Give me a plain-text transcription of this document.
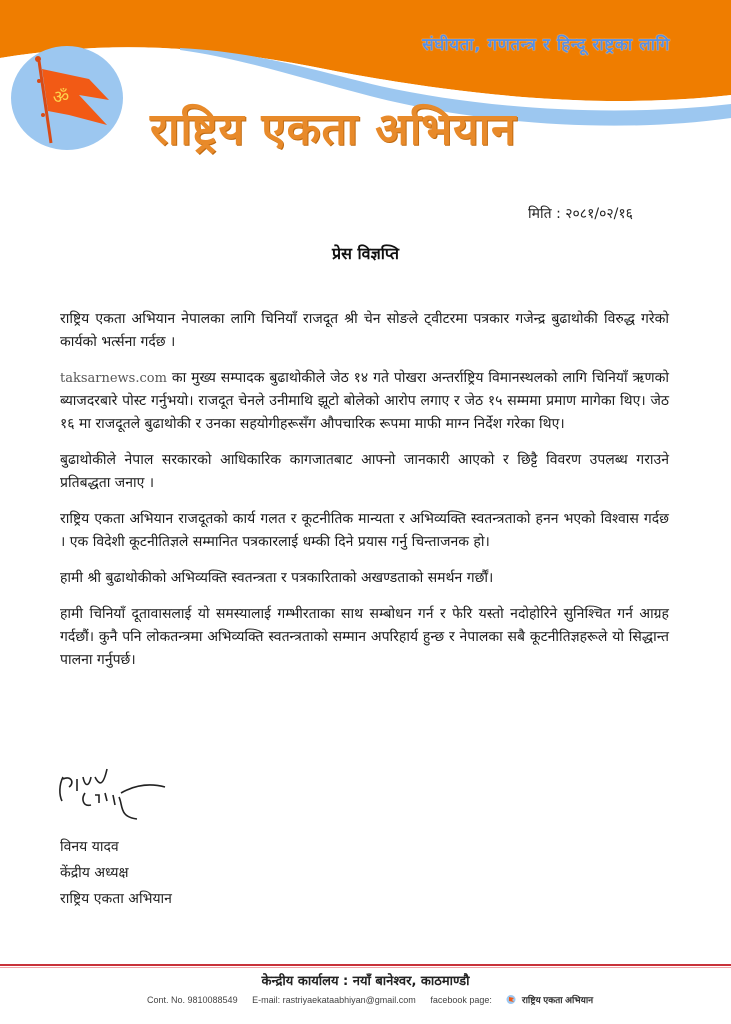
संघीयता, गणतन्त्र र हिन्दू राष्ट्रका लागि
ॐ
राष्ट्रिय एकता अभियान
मिति : २०८१/०२/१६
प्रेस विज्ञप्ति

राष्ट्रिय एकता अभियान नेपालका लागि चिनियाँ राजदूत श्री चेन सोङले ट्वीटरमा पत्रकार गजेन्द्र बुढाथोकी विरुद्ध गरेको कार्यको भर्त्सना गर्दछ ।

taksarnews.com का मुख्य सम्पादक बुढाथोकीले जेठ १४ गते पोखरा अन्तर्राष्ट्रिय विमानस्थलको लागि चिनियाँ ऋणको ब्याजदरबारे पोस्ट गर्नुभयो। राजदूत चेनले उनीमाथि झूटो बोलेको आरोप लगाए र जेठ १५ सम्ममा प्रमाण मागेका थिए। जेठ १६ मा राजदूतले बुढाथोकी र उनका सहयोगीहरूसँग औपचारिक रूपमा माफी माग्न निर्देश गरेका थिए।

बुढाथोकीले नेपाल सरकारको आधिकारिक कागजातबाट आफ्नो जानकारी आएको र छिट्टै विवरण उपलब्ध गराउने प्रतिबद्धता जनाए ।

राष्ट्रिय एकता अभियान राजदूतको कार्य गलत र कूटनीतिक मान्यता र अभिव्यक्ति स्वतन्त्रताको हनन भएको विश्वास गर्दछ । एक विदेशी कूटनीतिज्ञले सम्मानित पत्रकारलाई धम्की दिने प्रयास गर्नु चिन्ताजनक हो।

हामी श्री बुढाथोकीको अभिव्यक्ति स्वतन्त्रता र पत्रकारिताको अखण्डताको समर्थन गर्छौं।

हामी चिनियाँ दूतावासलाई यो समस्यालाई गम्भीरताका साथ सम्बोधन गर्न र फेरि यस्तो नदोहोरिने सुनिश्चित गर्न आग्रह गर्दछौं। कुनै पनि लोकतन्त्रमा अभिव्यक्ति स्वतन्त्रताको सम्मान अपरिहार्य हुन्छ र नेपालका सबै कूटनीतिज्ञहरूले यो सिद्धान्त पालना गर्नुपर्छ।

विनय यादव
केंद्रीय अध्यक्ष
राष्ट्रिय एकता अभियान
केन्द्रीय कार्यालय : नयाँ बानेश्वर, काठमाण्डौ
Cont. No. 9810088549 E-mail: rastriyaekataabhiyan@gmail.com facebook page:	राष्ट्रिय एकता अभियान
